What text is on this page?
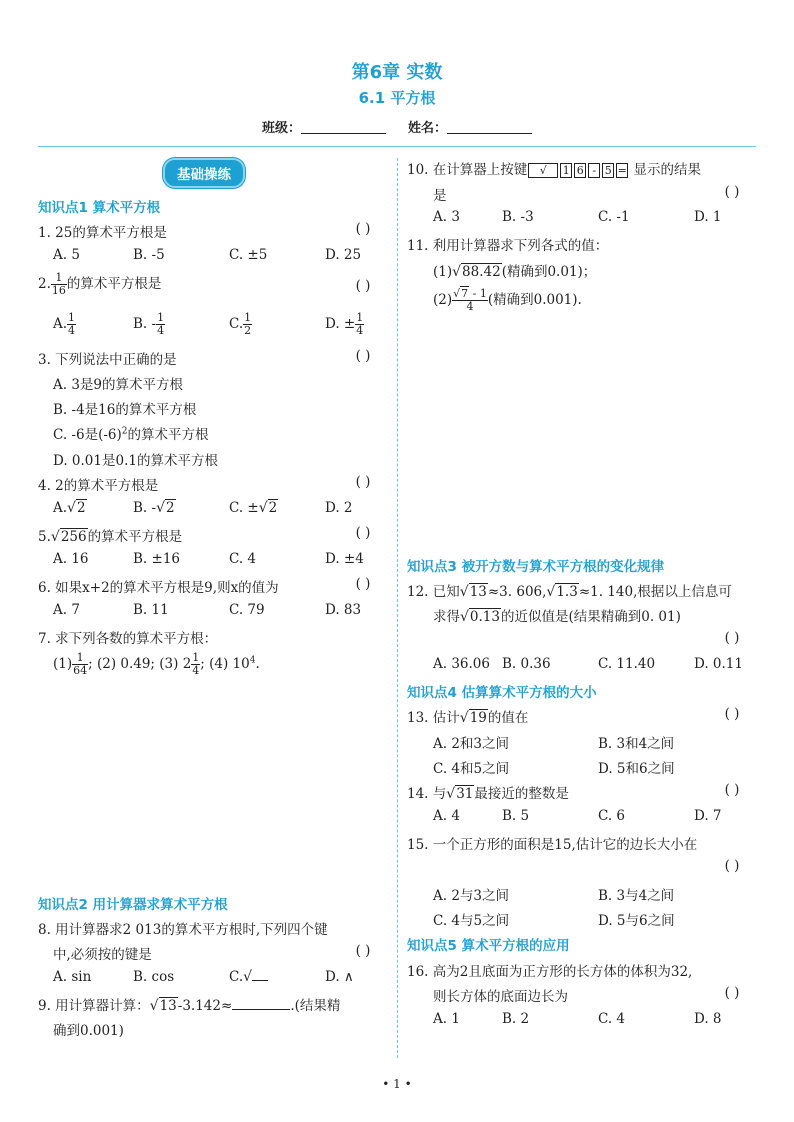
第6章 实数
6.1 平方根
班级：	姓名：
基础操练
知识点1 算术平方根
1. 25的算术平方根是	( )
A. 5	B. -5	C. ±5	D. 25
2. $\frac{1}{16}$ 的算术平方根是	( )
A. $\frac{1}{4}$	B. - $\frac{1}{4}$	C. $\frac{1}{2}$	D. ± $\frac{1}{4}$
3. 下列说法中正确的是	( )
A. 3是9的算术平方根
B. -4是16的算术平方根
C. -6是$(-6)^2$的算术平方根
D. 0.01是0.1的算术平方根
4. 2的算术平方根是	( )
A.√2	B. -√2	C. ±√2	D. 2
5.√256的算术平方根是	( )
A. 16	B. ±16	C. 4	D. ±4
6. 如果x+2的算术平方根是9,则x的值为	( )
A. 7	B. 11	C. 79	D. 83
7. 求下列各数的算术平方根：
$(1) \frac{1}{64}$ ; (2) 0.49; (3) $2 \frac{1}{4}$ ; (4) $10^4$.
知识点2 用计算器求算术平方根
8. 用计算器求2 013的算术平方根时,下列四个键
中,必须按的键是	( )
A. sin	B. cos	C.√	D. ∧
9. 用计算器计算：√13-3.142≈	.(结果精
确到0.001)
10. 在计算器上按键 √ 1 6 - 5 = 显示的结果
是	( )
A. 3	B. -3	C. -1	D. 1
11. 利用计算器求下列各式的值：
(1)√88.42(精确到0.01)；
$(2) \frac{√7 - 1}{4}$ (精确到0.001).
知识点3 被开方数与算术平方根的变化规律
12. 已知√13≈3. 606,√1.3≈1. 140,根据以上信息可
求得√0.13的近似值是(结果精确到0. 01)
( )
A. 36.06 B. 0.36	C. 11.40	D. 0.11
知识点4 估算算术平方根的大小
13. 估计√19的值在	( )
A. 2和3之间	B. 3和4之间
C. 4和5之间	D. 5和6之间
14. 与√31最接近的整数是	( )
A. 4	B. 5	C. 6	D. 7
15. 一个正方形的面积是15,估计它的边长大小在
( )
A. 2与3之间	B. 3与4之间
C. 4与5之间	D. 5与6之间
知识点5 算术平方根的应用
16. 高为2且底面为正方形的长方体的体积为32,
则长方体的底面边长为	( )
A. 1	B. 2	C. 4	D. 8
• 1 •
